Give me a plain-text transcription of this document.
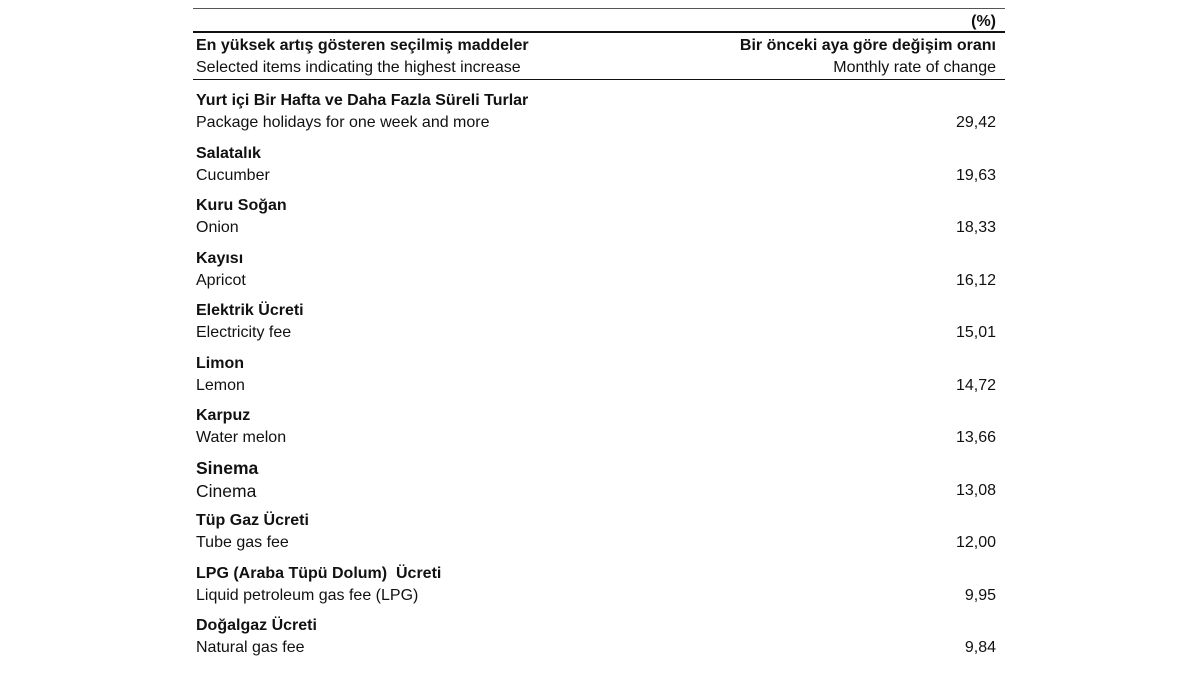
(%)
En yüksek artış gösteren seçilmiş maddeler
Selected items indicating the highest increase
Bir önceki aya göre değişim oranı
Monthly rate of change
Yurt içi Bir Hafta ve Daha Fazla Süreli Turlar
Package holidays for one week and more	29,42
Salatalık
Cucumber	19,63
Kuru Soğan
Onion	18,33
Kayısı
Apricot	16,12
Elektrik Ücreti
Electricity fee	15,01
Limon
Lemon	14,72
Karpuz
Water melon	13,66
Sinema
Cinema	13,08
Tüp Gaz Ücreti
Tube gas fee	12,00
LPG (Araba Tüpü Dolum)  Ücreti
Liquid petroleum gas fee (LPG)	9,95
Doğalgaz Ücreti
Natural gas fee	9,84
